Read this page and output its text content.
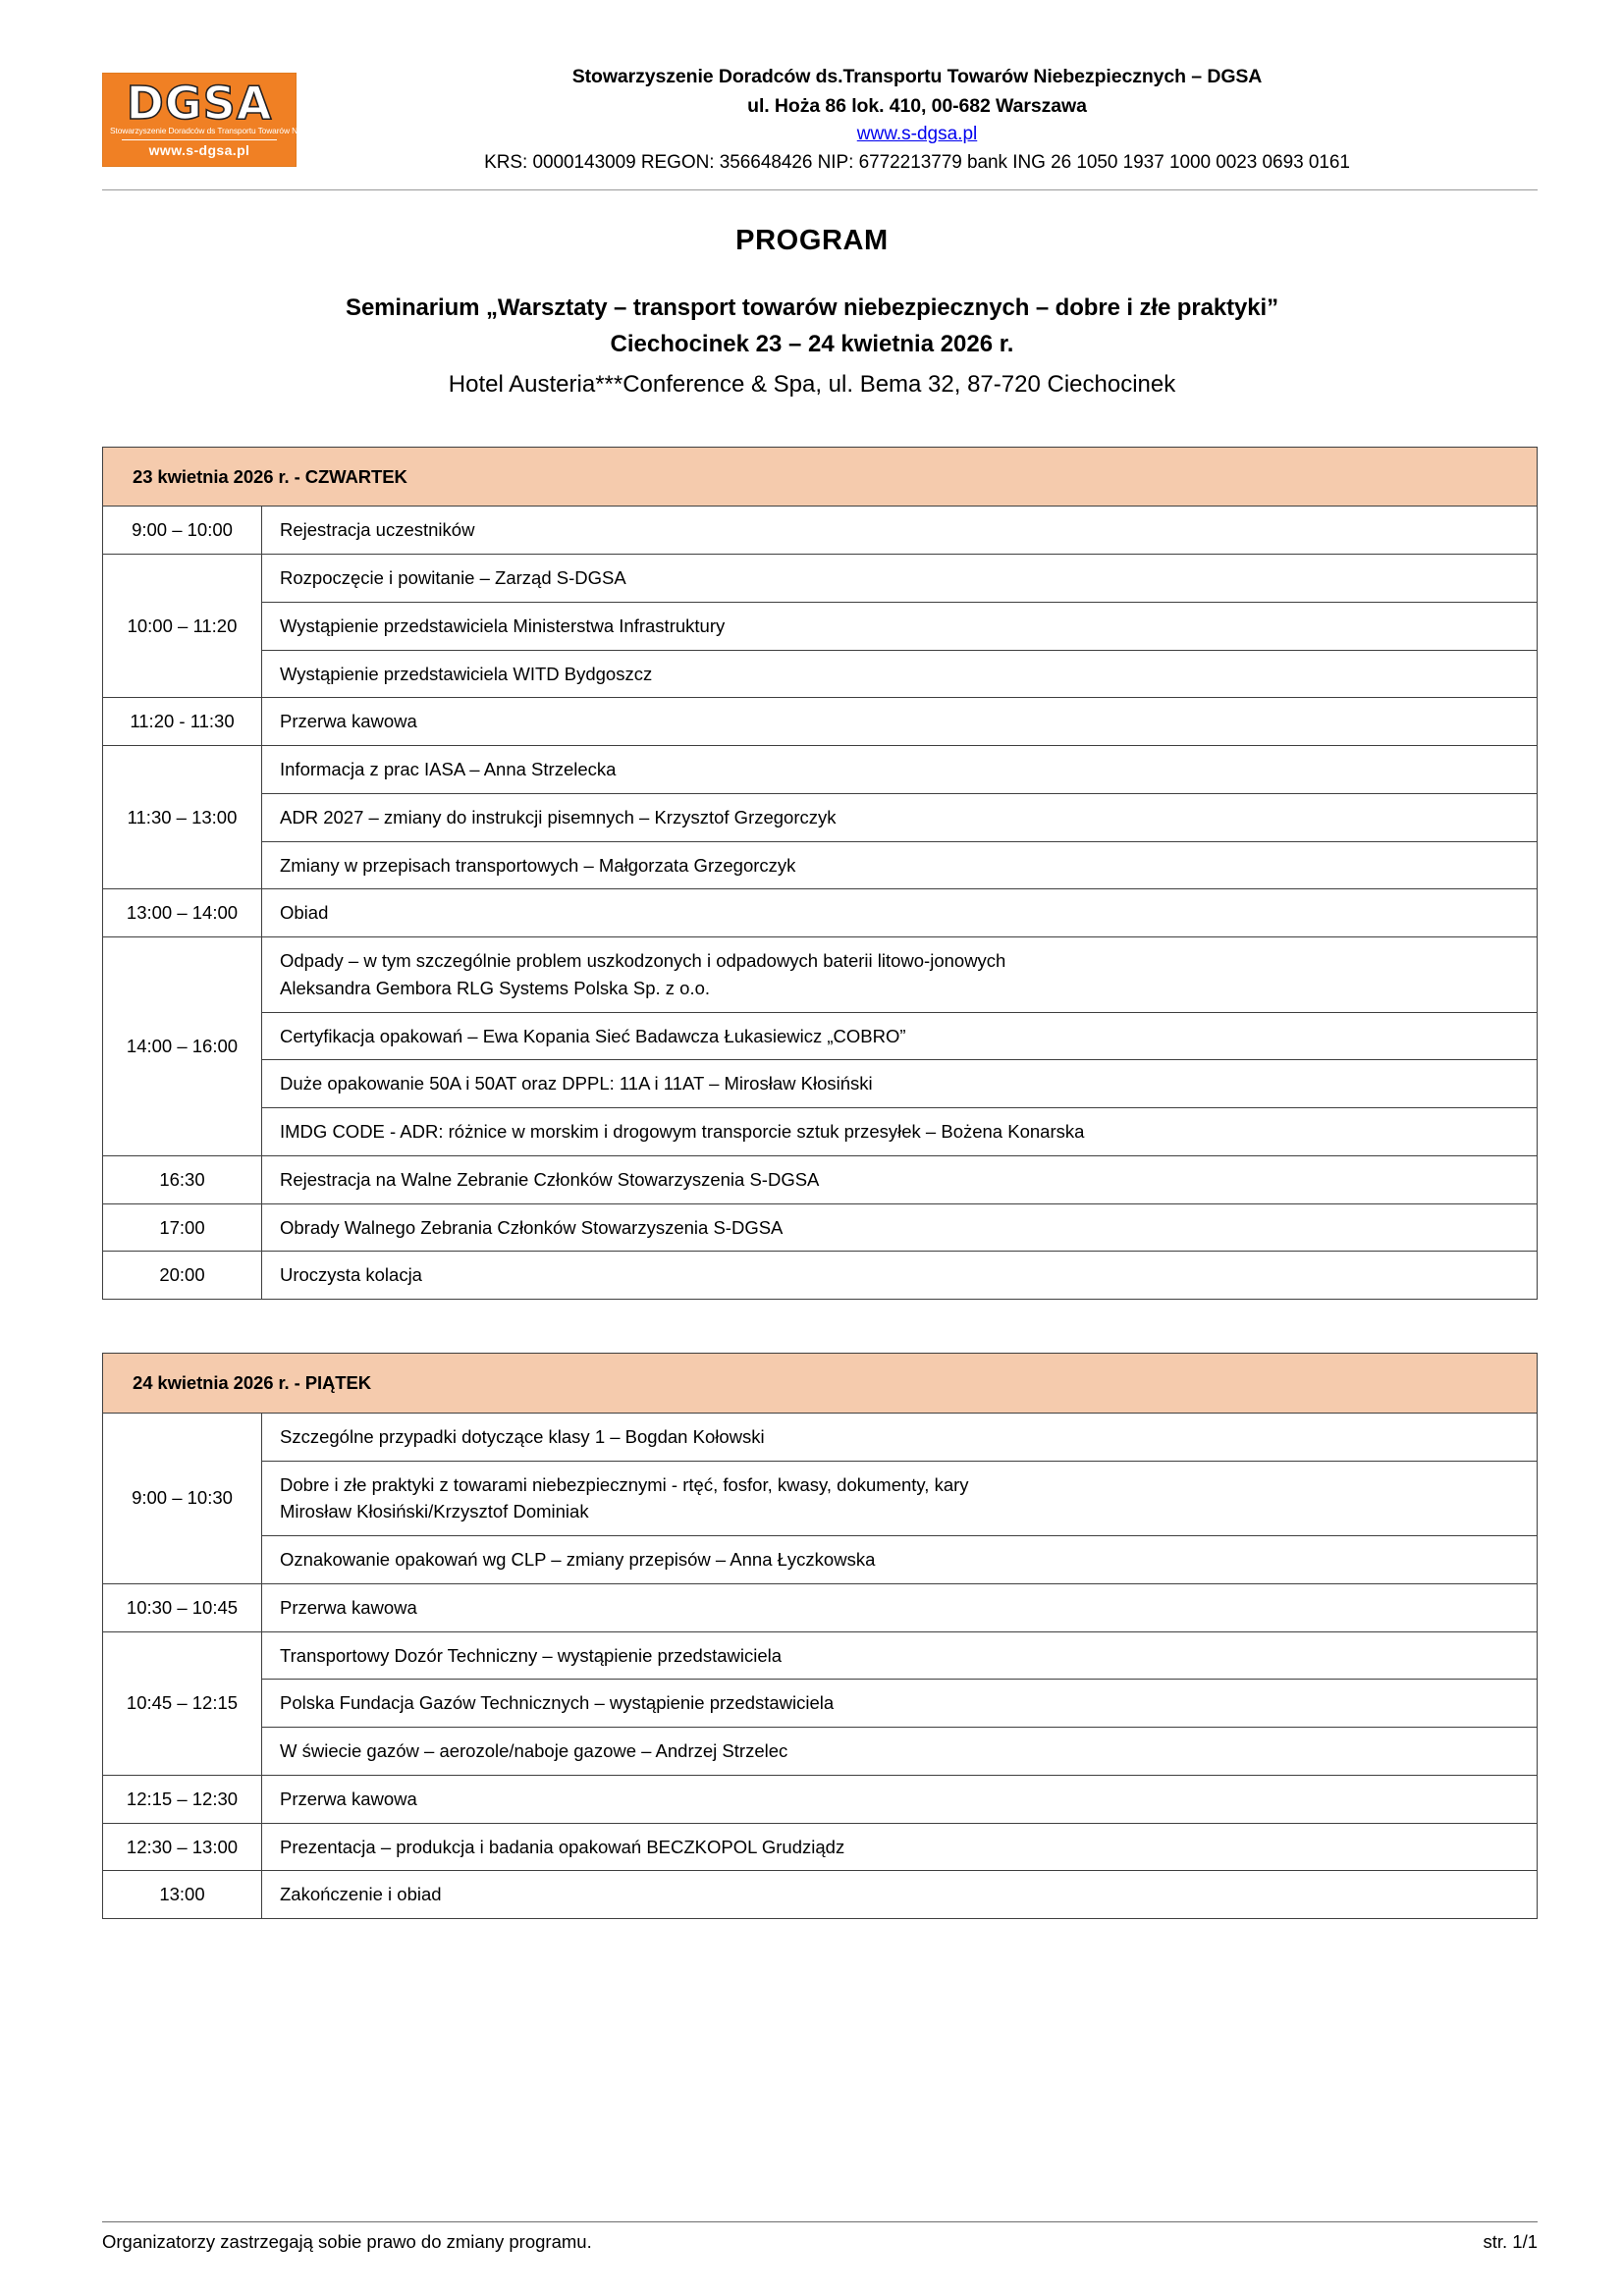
DGSA
Stowarzyszenie Doradców ds Transportu Towarów Niebezpiecznych
www.s-dgsa.pl
Stowarzyszenie Doradców ds.Transportu Towarów Niebezpiecznych – DGSA
ul. Hoża 86 lok. 410, 00-682 Warszawa
www.s-dgsa.pl
KRS: 0000143009 REGON: 356648426 NIP: 6772213779 bank ING 26 1050 1937 1000 0023 0693 0161
PROGRAM
Seminarium „Warsztaty – transport towarów niebezpiecznych – dobre i złe praktyki”
Ciechocinek 23 – 24 kwietnia 2026 r.
Hotel Austeria***Conference & Spa, ul. Bema 32, 87-720 Ciechocinek
23 kwietnia 2026 r. - CZWARTEK	
9:00 – 10:00	Rejestracja uczestników
10:00 – 11:20	Rozpoczęcie i powitanie – Zarząd S-DGSA
	Wystąpienie przedstawiciela Ministerstwa Infrastruktury
	Wystąpienie przedstawiciela WITD Bydgoszcz
11:20 - 11:30	Przerwa kawowa
11:30 – 13:00	Informacja z prac IASA – Anna Strzelecka
	ADR 2027 – zmiany do instrukcji pisemnych – Krzysztof Grzegorczyk
	Zmiany w przepisach transportowych – Małgorzata Grzegorczyk
13:00 – 14:00	Obiad
14:00 – 16:00	Odpady – w tym szczególnie problem uszkodzonych i odpadowych baterii litowo-jonowych
Aleksandra Gembora RLG Systems Polska Sp. z o.o.

	Certyfikacja opakowań – Ewa Kopania Sieć Badawcza Łukasiewicz „COBRO”
	Duże opakowanie 50A i 50AT oraz DPPL: 11A i 11AT – Mirosław Kłosiński
	IMDG CODE - ADR: różnice w morskim i drogowym transporcie sztuk przesyłek – Bożena Konarska
16:30	Rejestracja na Walne Zebranie Członków Stowarzyszenia S-DGSA
17:00	Obrady Walnego Zebrania Członków Stowarzyszenia S-DGSA
20:00	Uroczysta kolacja
24 kwietnia 2026 r. - PIĄTEK	
9:00 – 10:30	Szczególne przypadki dotyczące klasy 1 – Bogdan Kołowski
	Dobre i złe praktyki z towarami niebezpiecznymi - rtęć, fosfor, kwasy, dokumenty, kary
Mirosław Kłosiński/Krzysztof Dominiak

	Oznakowanie opakowań wg CLP – zmiany przepisów – Anna Łyczkowska
10:30 – 10:45	Przerwa kawowa
10:45 – 12:15	Transportowy Dozór Techniczny – wystąpienie przedstawiciela
	Polska Fundacja Gazów Technicznych – wystąpienie przedstawiciela
	W świecie gazów – aerozole/naboje gazowe – Andrzej Strzelec
12:15 – 12:30	Przerwa kawowa
12:30 – 13:00	Prezentacja – produkcja i badania opakowań BECZKOPOL Grudziądz
13:00	Zakończenie i obiad
Organizatorzy zastrzegają sobie prawo do zmiany programu.	str. 1/1
